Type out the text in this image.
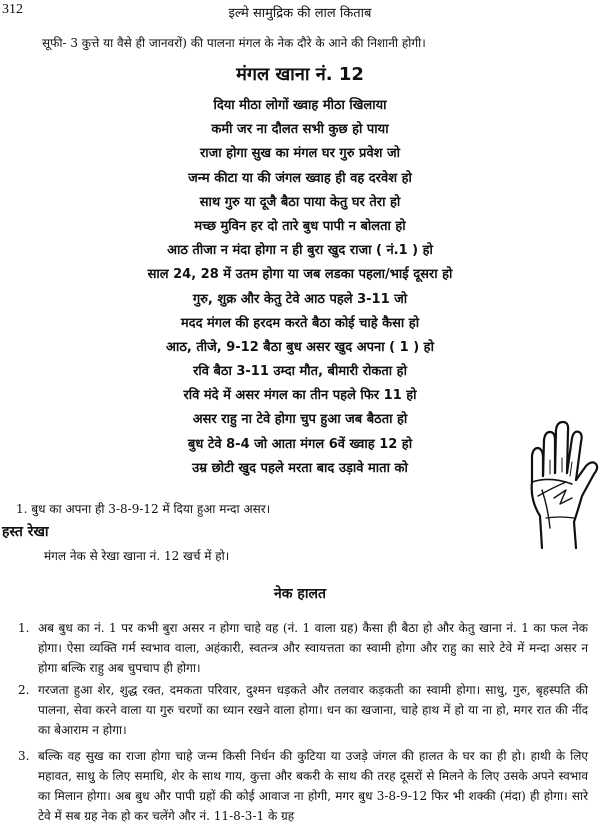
312	इल्मे सामुद्रिक की लाल किताब
सूफी- 3 कुत्ते या वैसे ही जानवरों) की पालना मंगल के नेक दौरे के आने की निशानी होगी।
मंगल खाना नं. 12
दिया मीठा लोगों ख्वाह मीठा खिलाया
कमी जर ना दौलत सभी कुछ हो पाया
राजा होगा सुख का मंगल घर गुरु प्रवेश जो
जन्म कीटा या की जंगल ख्वाह ही वह दरवेश हो
साथ गुरु या दूजै बैठा पाया केतु घर तेरा हो
मच्छ मुविन हर दो तारे बुध पापी न बोलता हो
आठ तीजा न मंदा होगा न ही बुरा खुद राजा ( नं.1 ) हो
साल 24, 28 में उतम होगा या जब लडका पहला/भाई दूसरा हो
गुरु, शुक्र और केतु टेवे आठ पहले 3-11 जो
मदद मंगल की हरदम करते बैठा कोई चाहे कैसा हो
आठ, तीजे, 9-12 बैठा बुध असर खुद अपना ( 1 ) हो
रवि बैठा 3-11 उम्दा मौत, बीमारी रोकता हो
रवि मंदे में असर मंगल का तीन पहले फिर 11 हो
असर राहु ना टेवे होगा चुप हुआ जब बैठता हो
बुध टेवे 8-4 जो आता मंगल 6वें ख्वाह 12 हो
उम्र छोटी खुद पहले मरता बाद उड़ावे माता को
1. बुध का अपना ही 3-8-9-12 में दिया हुआ मन्दा असर।
हस्त रेखा
मंगल नेक से रेखा खाना नं. 12 खर्च में हो।
नेक हालत
1. अब बुध का नं. 1 पर कभी बुरा असर न होगा चाहे वह (नं. 1 वाला ग्रह) कैसा ही बैठा हो और केतु खाना नं. 1 का फल नेक होगा। ऐसा व्यक्ति गर्म स्वभाव वाला, अहंकारी, स्वतन्त्र और स्वायत्तता का स्वामी होगा और राहु का सारे टेवे में मन्दा असर न होगा बल्कि राहु अब चुपचाप ही होगा।
2. गरजता हुआ शेर, शुद्ध रक्त, दमकता परिवार, दुश्मन धड़कते और तलवार कड़कती का स्वामी होगा। साधु, गुरु, बृहस्पति की पालना, सेवा करने वाला या गुरु चरणों का ध्यान रखने वाला होगा। धन का खजाना, चाहे हाथ में हो या ना हो, मगर रात की नींद का बेआराम न होगा।
3. बल्कि वह सुख का राजा होगा चाहे जन्म किसी निर्धन की कुटिया या उजड़े जंगल की हालत के घर का ही हो। हाथी के लिए महावत, साधु के लिए समाधि, शेर के साथ गाय, कुत्ता और बकरी के साथ की तरह दूसरों से मिलने के लिए उसके अपने स्वभाव का मिलान होगा। अब बुध और पापी ग्रहों की कोई आवाज ना होगी, मगर बुध 3-8-9-12 फिर भी शक्की (मंदा) ही होगा। सारे टेवे में सब ग्रह नेक हो कर चलेंगे और नं. 11-8-3-1 के ग्रह
